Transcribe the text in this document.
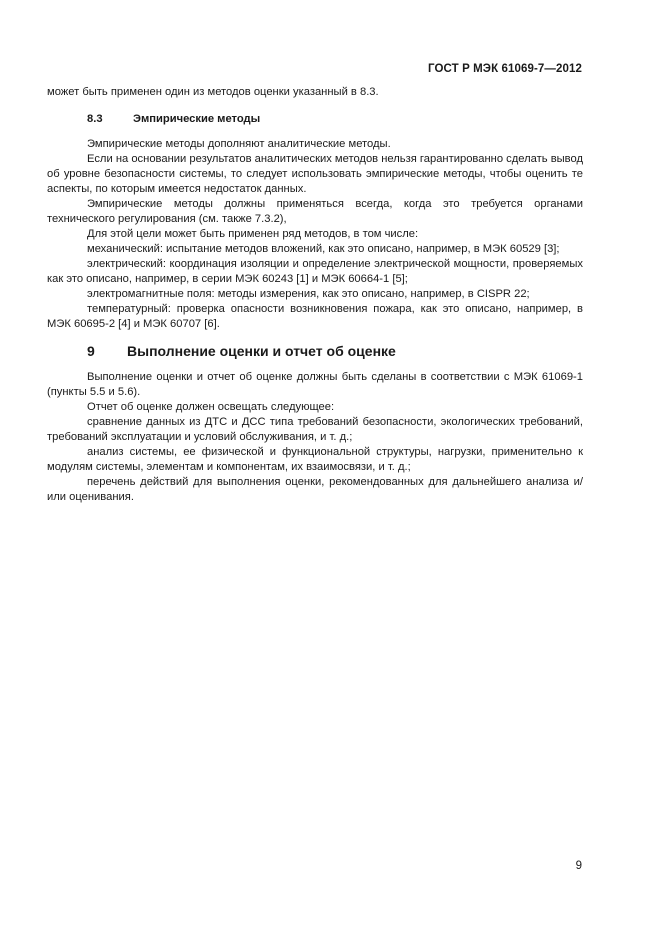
ГОСТ Р МЭК 61069-7—2012

может быть применен один из методов оценки указанный в 8.3.

8.3	Эмпирические методы

Эмпирические методы дополняют аналитические методы.

Если на основании результатов аналитических методов нельзя гарантированно сделать вывод об уровне безопасности системы, то следует использовать эмпирические методы, чтобы оценить те аспекты, по которым имеется недостаток данных.

Эмпирические методы должны применяться всегда, когда это требуется органами технического регулирования (см. также 7.3.2),

Для этой цели может быть применен ряд методов, в том числе:

механический: испытание методов вложений, как это описано, например, в МЭК 60529 [3];

электрический: координация изоляции и определение электрической мощности, проверяемых как это описано, например, в серии МЭК 60243 [1] и МЭК 60664-1 [5];

электромагнитные поля: методы измерения, как это описано, например, в CISPR 22;

температурный: проверка опасности возникновения пожара, как это описано, например, в МЭК 60695-2 [4] и МЭК 60707 [6].

9 Выполнение оценки и отчет об оценке

Выполнение оценки и отчет об оценке должны быть сделаны в соответствии с МЭК 61069-1 (пункты 5.5 и 5.6).

Отчет об оценке должен освещать следующее:

сравнение данных из ДТС и ДСС типа требований безопасности, экологических требований, требований эксплуатации и условий обслуживания, и т. д.;

анализ системы, ее физической и функциональной структуры, нагрузки, применительно к модулям системы, элементам и компонентам, их взаимосвязи, и т. д.;

перечень действий для выполнения оценки, рекомендованных для дальнейшего анализа и/или оценивания.

9
